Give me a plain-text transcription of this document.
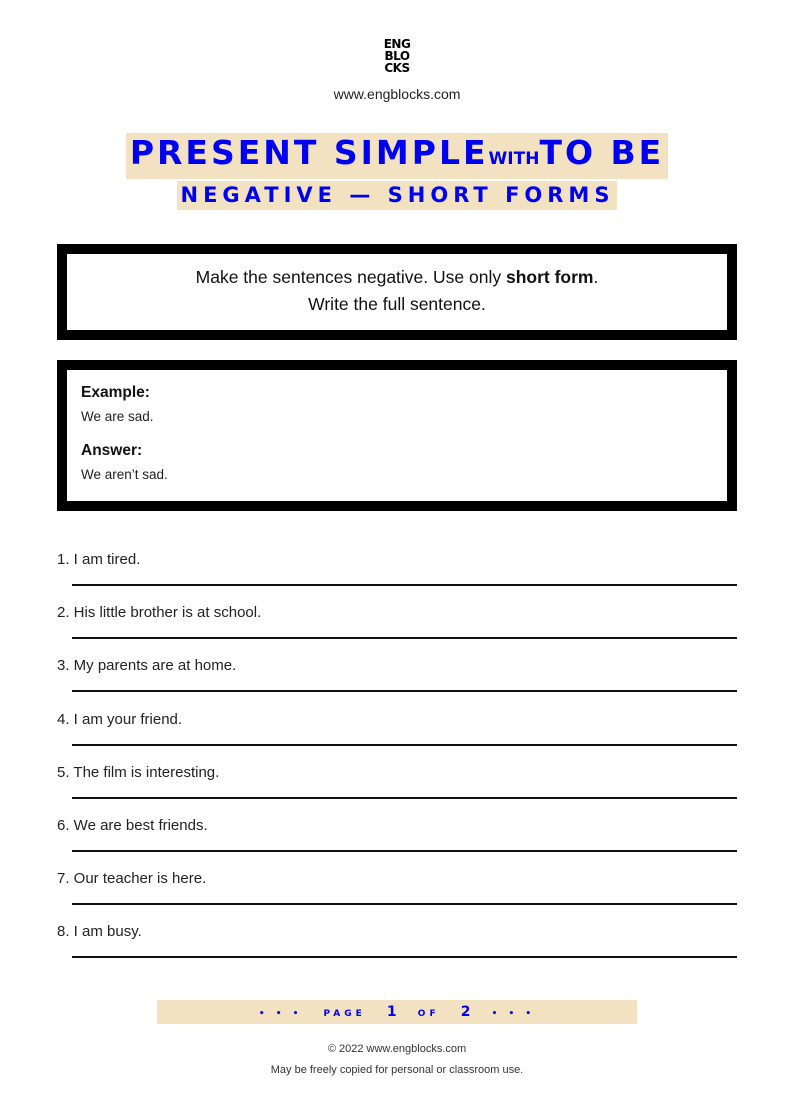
ENG
BLO
CKS
www.engblocks.com
PRESENT SIMPLEWITHTO BE
NEGATIVE — SHORT FORMS
Make the sentences negative. Use only short form.
Write the full sentence.

Example:

We are sad.

Answer:

We aren’t sad.

1. I am tired.
2. His little brother is at school.
3. My parents are at home.
4. I am your friend.
5. The film is interesting.
6. We are best friends.
7. Our teacher is here.
8. I am busy.
• • • PAGE 1 OF 2 • • •
© 2022 www.engblocks.com
May be freely copied for personal or classroom use.
